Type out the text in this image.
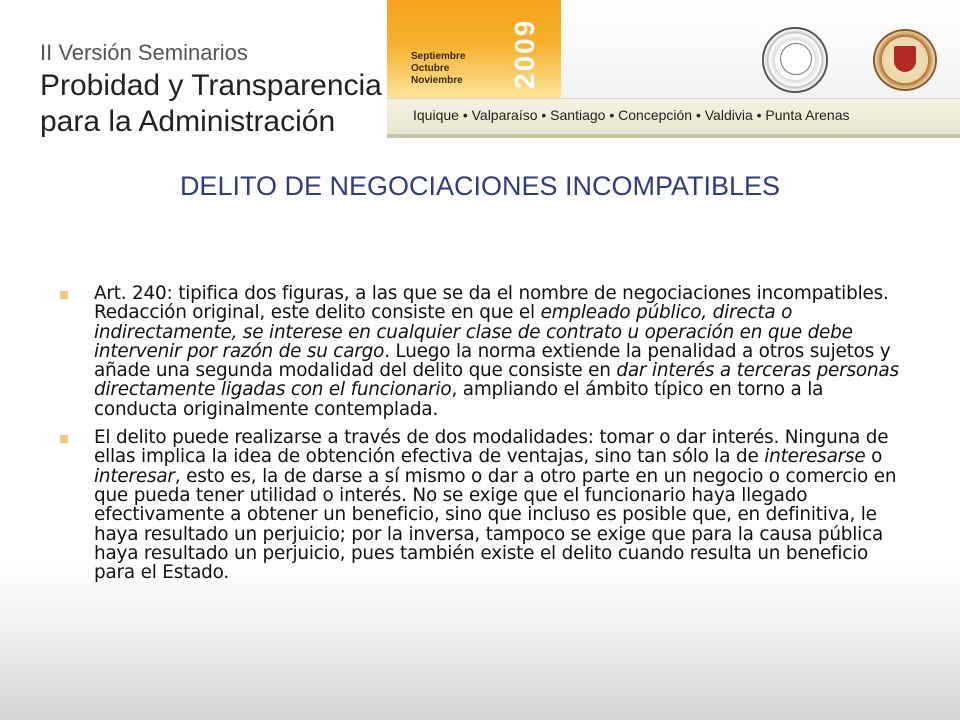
II Versión Seminarios
Probidad y Transparencia
para la Administración
Septiembre
Octubre
Noviembre 2009
Iquique • Valparaíso • Santiago • Concepción • Valdivia • Punta Arenas
DELITO DE NEGOCIACIONES INCOMPATIBLES
Art. 240: tipifica dos figuras, a las que se da el nombre de negociaciones incompatibles. Redacción original, este delito consiste en que el empleado público, directa o indirectamente, se interese en cualquier clase de contrato u operación en que debe intervenir por razón de su cargo. Luego la norma extiende la penalidad a otros sujetos y añade una segunda modalidad del delito que consiste en dar interés a terceras personas directamente ligadas con el funcionario, ampliando el ámbito típico en torno a la conducta originalmente contemplada.
El delito puede realizarse a través de dos modalidades: tomar o dar interés. Ninguna de ellas implica la idea de obtención efectiva de ventajas, sino tan sólo la de interesarse o interesar, esto es, la de darse a sí mismo o dar a otro parte en un negocio o comercio en que pueda tener utilidad o interés. No se exige que el funcionario haya llegado efectivamente a obtener un beneficio, sino que incluso es posible que, en definitiva, le haya resultado un perjuicio; por la inversa, tampoco se exige que para la causa pública haya resultado un perjuicio, pues también existe el delito cuando resulta un beneficio para el Estado.
